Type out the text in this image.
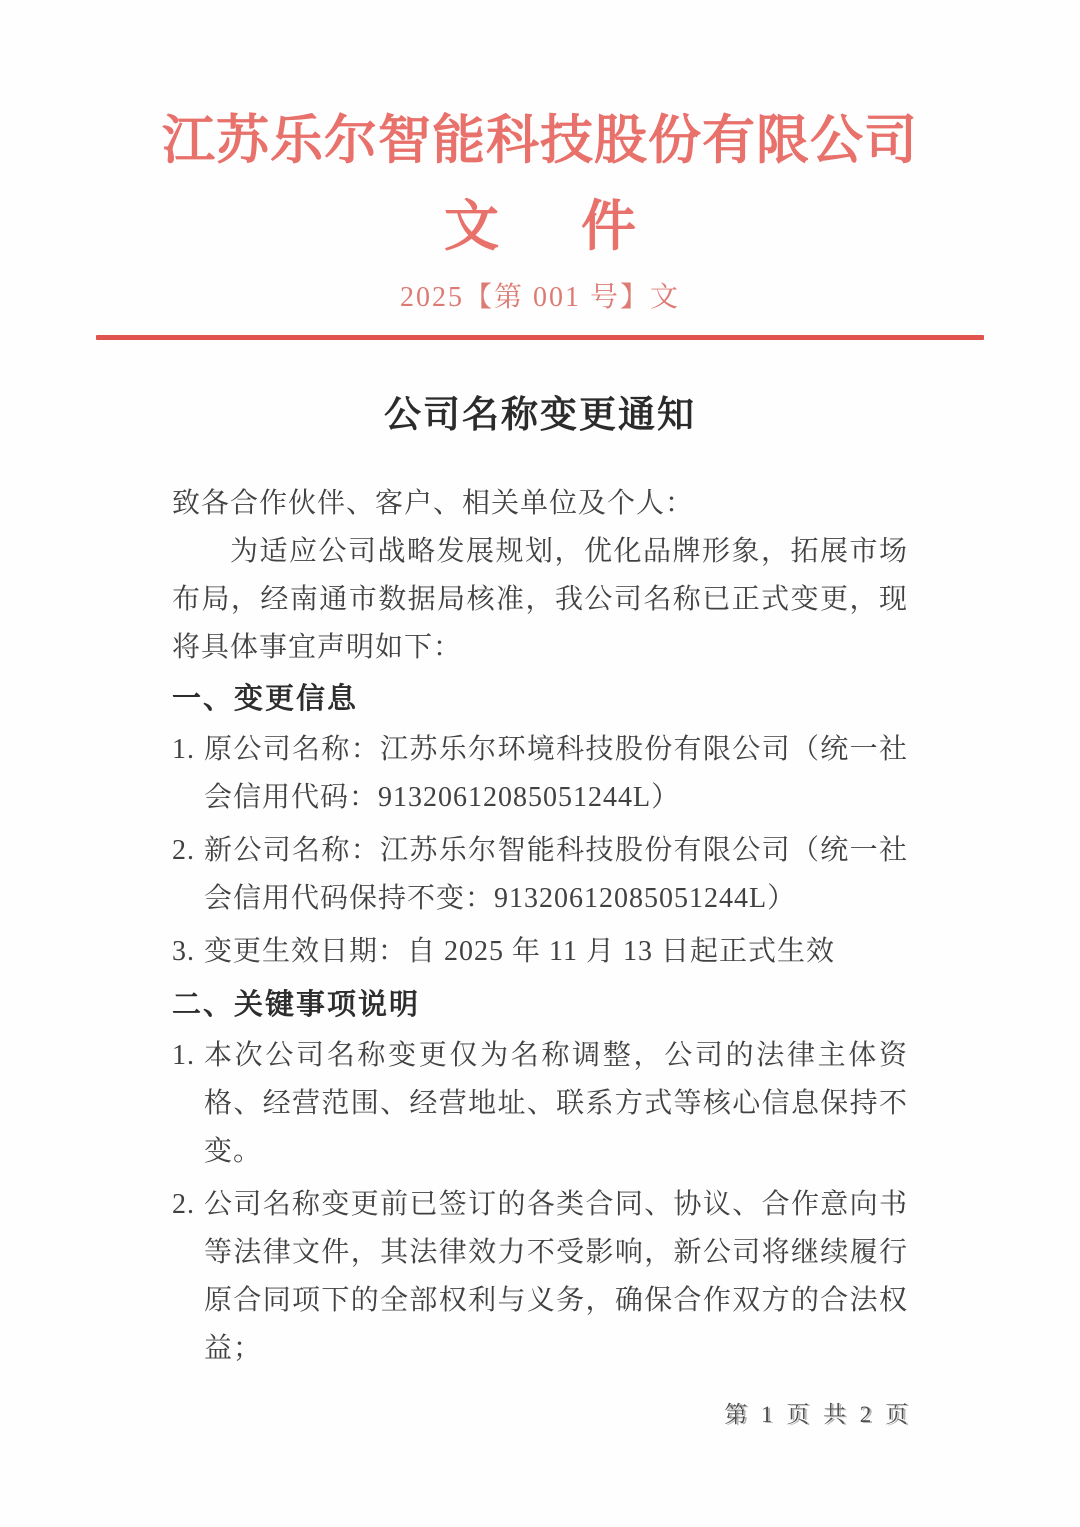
江苏乐尔智能科技股份有限公司
文件
2025【第 001 号】文
公司名称变更通知
致各合作伙伴、客户、相关单位及个人：
为适应公司战略发展规划，优化品牌形象，拓展市场布局，经南通市数据局核准，我公司名称已正式变更，现将具体事宜声明如下：
一、变更信息
1. 原公司名称：江苏乐尔环境科技股份有限公司（统一社会信用代码：91320612085051244L）
2. 新公司名称：江苏乐尔智能科技股份有限公司（统一社会信用代码保持不变：91320612085051244L）
3. 变更生效日期：自 2025 年 11 月 13 日起正式生效
二、关键事项说明
1. 本次公司名称变更仅为名称调整，公司的法律主体资格、经营范围、经营地址、联系方式等核心信息保持不变。
2. 公司名称变更前已签订的各类合同、协议、合作意向书等法律文件，其法律效力不受影响，新公司将继续履行原合同项下的全部权利与义务，确保合作双方的合法权益；
第 1 页 共 2 页
